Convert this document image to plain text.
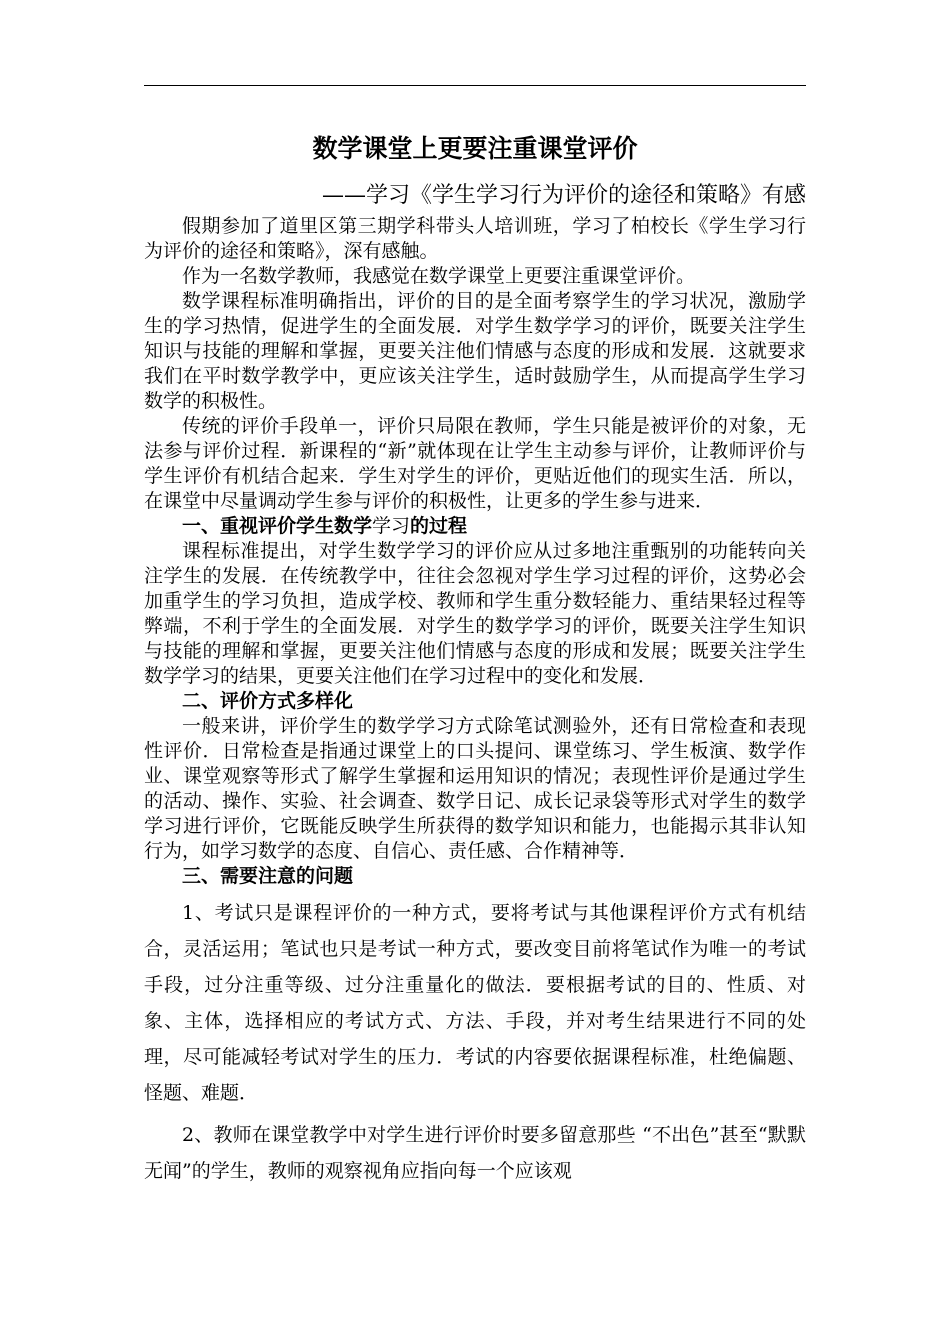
数学课堂上更要注重课堂评价
——学习《学生学习行为评价的途径和策略》有感

假期参加了道里区第三期学科带头人培训班，学习了柏校长《学生学习行为评价的途径和策略》，深有感触。

作为一名数学教师，我感觉在数学课堂上更要注重课堂评价。

数学课程标准明确指出，评价的目的是全面考察学生的学习状况，激励学生的学习热情，促进学生的全面发展．对学生数学学习的评价，既要关注学生知识与技能的理解和掌握，更要关注他们情感与态度的形成和发展．这就要求我们在平时数学教学中，更应该关注学生，适时鼓励学生，从而提高学生学习数学的积极性。

传统的评价手段单一，评价只局限在教师，学生只能是被评价的对象，无法参与评价过程．新课程的“新”就体现在让学生主动参与评价，让教师评价与学生评价有机结合起来．学生对学生的评价，更贴近他们的现实生活．所以，在课堂中尽量调动学生参与评价的积极性，让更多的学生参与进来．

一、重视评价学生数学学习的过程

课程标准提出，对学生数学学习的评价应从过多地注重甄别的功能转向关注学生的发展．在传统教学中，往往会忽视对学生学习过程的评价，这势必会加重学生的学习负担，造成学校、教师和学生重分数轻能力、重结果轻过程等弊端，不利于学生的全面发展．对学生的数学学习的评价，既要关注学生知识与技能的理解和掌握，更要关注他们情感与态度的形成和发展；既要关注学生数学学习的结果，更要关注他们在学习过程中的变化和发展．

二、评价方式多样化

一般来讲，评价学生的数学学习方式除笔试测验外，还有日常检查和表现性评价．日常检查是指通过课堂上的口头提问、课堂练习、学生板演、数学作业、课堂观察等形式了解学生掌握和运用知识的情况；表现性评价是通过学生的活动、操作、实验、社会调查、数学日记、成长记录袋等形式对学生的数学学习进行评价，它既能反映学生所获得的数学知识和能力，也能揭示其非认知行为，如学习数学的态度、自信心、责任感、合作精神等．

三、需要注意的问题

1、考试只是课程评价的一种方式，要将考试与其他课程评价方式有机结合，灵活运用；笔试也只是考试一种方式，要改变目前将笔试作为唯一的考试手段，过分注重等级、过分注重量化的做法．要根据考试的目的、性质、对象、主体，选择相应的考试方式、方法、手段，并对考生结果进行不同的处理，尽可能减轻考试对学生的压力．考试的内容要依据课程标准，杜绝偏题、怪题、难题．

2、教师在课堂教学中对学生进行评价时要多留意那些 “不出色”甚至“默默无闻”的学生，教师的观察视角应指向每一个应该观
